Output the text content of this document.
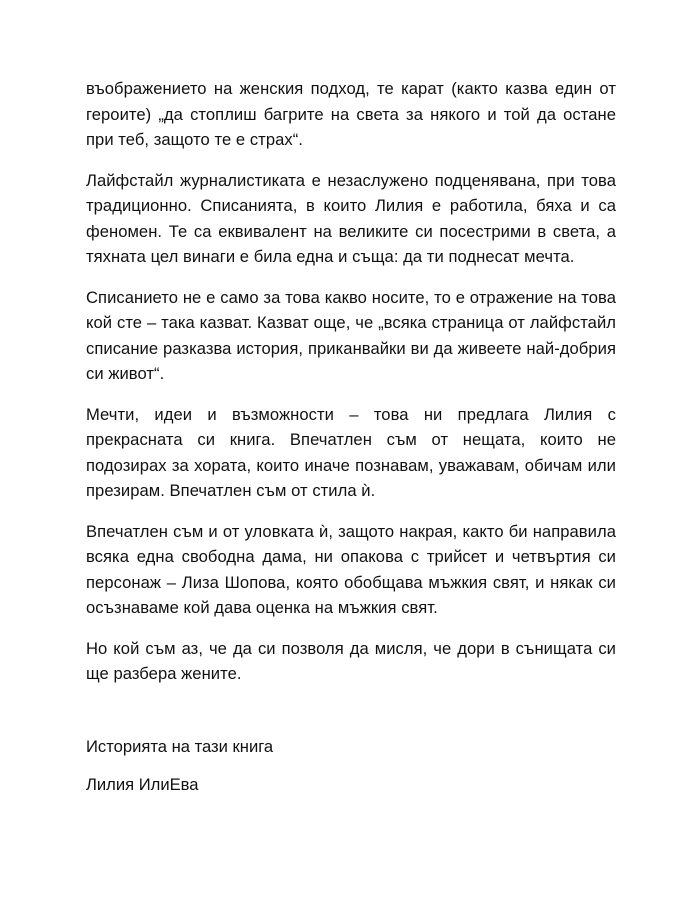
въображението на женския подход, те карат (както казва един от героите) „да стоплиш багрите на света за някого и той да остане при теб, защото те е страх“.

Лайфстайл журналистиката е незаслужено подценявана, при това традиционно. Списанията, в които Лилия е работила, бяха и са феномен. Те са еквивалент на великите си посестрими в света, а тяхната цел винаги е била една и съща: да ти поднесат мечта.

Списанието не е само за това какво носите, то е отражение на това кой сте – така казват. Казват още, че „всяка страница от лайфстайл списание разказва история, приканвайки ви да живеете най-добрия си живот“.

Мечти, идеи и възможности – това ни предлага Лилия с прекрасната си книга. Впечатлен съм от нещата, които не подозирах за хората, които иначе познавам, уважавам, обичам или презирам. Впечатлен съм от стила ѝ.

Впечатлен съм и от уловката ѝ, защото накрая, както би направила всяка една свободна дама, ни опакова с трийсет и четвъртия си персонаж – Лиза Шопова, която обобщава мъжкия свят, и някак си осъзнаваме кой дава оценка на мъжкия свят.

Но кой съм аз, че да си позволя да мисля, че дори в сънищата си ще разбера жените.

Историята на тази книга

Лилия ИлиЕва
